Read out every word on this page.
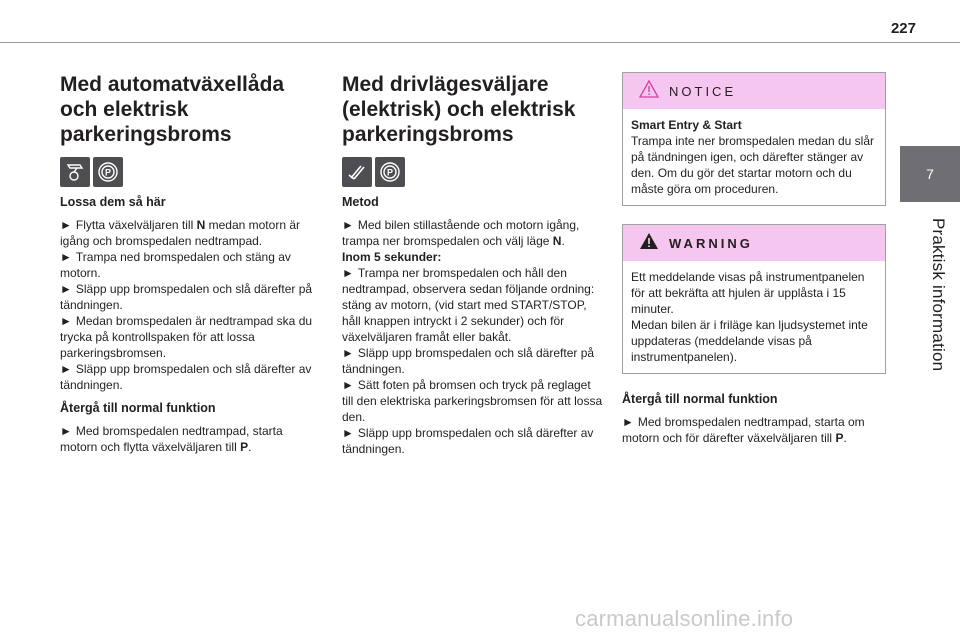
227
7
Praktisk information
Med automatväxellåda och elektrisk parkeringsbroms
P
Lossa dem så här

► Flytta växelväljaren till N medan motorn är igång och bromspedalen nedtrampad.

► Trampa ned bromspedalen och stäng av motorn.

► Släpp upp bromspedalen och slå därefter på tändningen.

► Medan bromspedalen är nedtrampad ska du trycka på kontrollspaken för att lossa parkeringsbromsen.

► Släpp upp bromspedalen och slå därefter av tändningen.

Återgå till normal funktion

► Med bromspedalen nedtrampad, starta motorn och flytta växelväljaren till P.

Med drivlägesväljare (elektrisk) och elektrisk parkeringsbroms
P
Metod

► Med bilen stillastående och motorn igång, trampa ner bromspedalen och välj läge N.

Inom 5 sekunder:

► Trampa ner bromspedalen och håll den nedtrampad, observera sedan följande ordning: stäng av motorn, (vid start med START/STOP, håll knappen intryckt i 2 sekunder) och för växelväljaren framåt eller bakåt.

► Släpp upp bromspedalen och slå därefter på tändningen.

► Sätt foten på bromsen och tryck på reglaget till den elektriska parkeringsbromsen för att lossa den.

► Släpp upp bromspedalen och slå därefter av tändningen.

NOTICE
Smart Entry & Start
Trampa inte ner bromspedalen medan du slår på tändningen igen, och därefter stänger av den. Om du gör det startar motorn och du måste göra om proceduren.
WARNING
Ett meddelande visas på instrumentpanelen för att bekräfta att hjulen är upplåsta i 15 minuter.
Medan bilen är i friläge kan ljudsystemet inte uppdateras (meddelande visas på instrumentpanelen).
Återgå till normal funktion

► Med bromspedalen nedtrampad, starta om motorn och för därefter växelväljaren till P.

carmanualsonline.info
